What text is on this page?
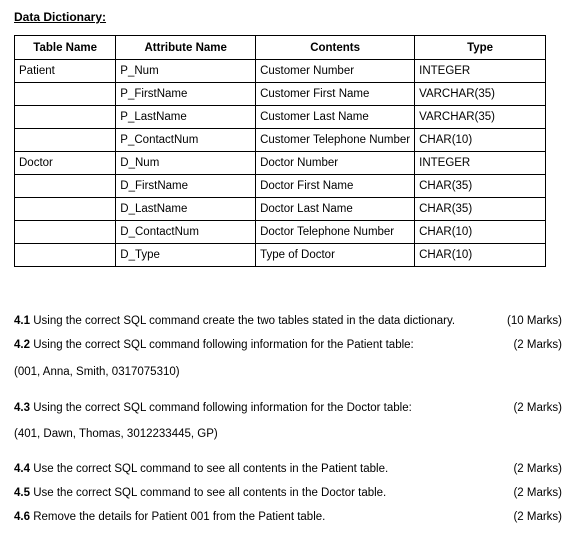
Data Dictionary:
Table Name	Attribute Name	Contents	Type
Patient	P_Num	Customer Number	INTEGER
	P_FirstName	Customer First Name	VARCHAR(35)
	P_LastName	Customer Last Name	VARCHAR(35)
	P_ContactNum	Customer Telephone Number	CHAR(10)
Doctor	D_Num	Doctor Number	INTEGER
	D_FirstName	Doctor First Name	CHAR(35)
	D_LastName	Doctor Last Name	CHAR(35)
	D_ContactNum	Doctor Telephone Number	CHAR(10)
	D_Type	Type of Doctor	CHAR(10)
4.1 Using the correct SQL command create the two tables stated in the data dictionary.	(10 Marks)
4.2 Using the correct SQL command following information for the Patient table:	(2 Marks)
(001, Anna, Smith, 0317075310)
4.3 Using the correct SQL command following information for the Doctor table:	(2 Marks)
(401, Dawn, Thomas, 3012233445, GP)
4.4 Use the correct SQL command to see all contents in the Patient table.	(2 Marks)
4.5 Use the correct SQL command to see all contents in the Doctor table.	(2 Marks)
4.6 Remove the details for Patient 001 from the Patient table.	(2 Marks)
